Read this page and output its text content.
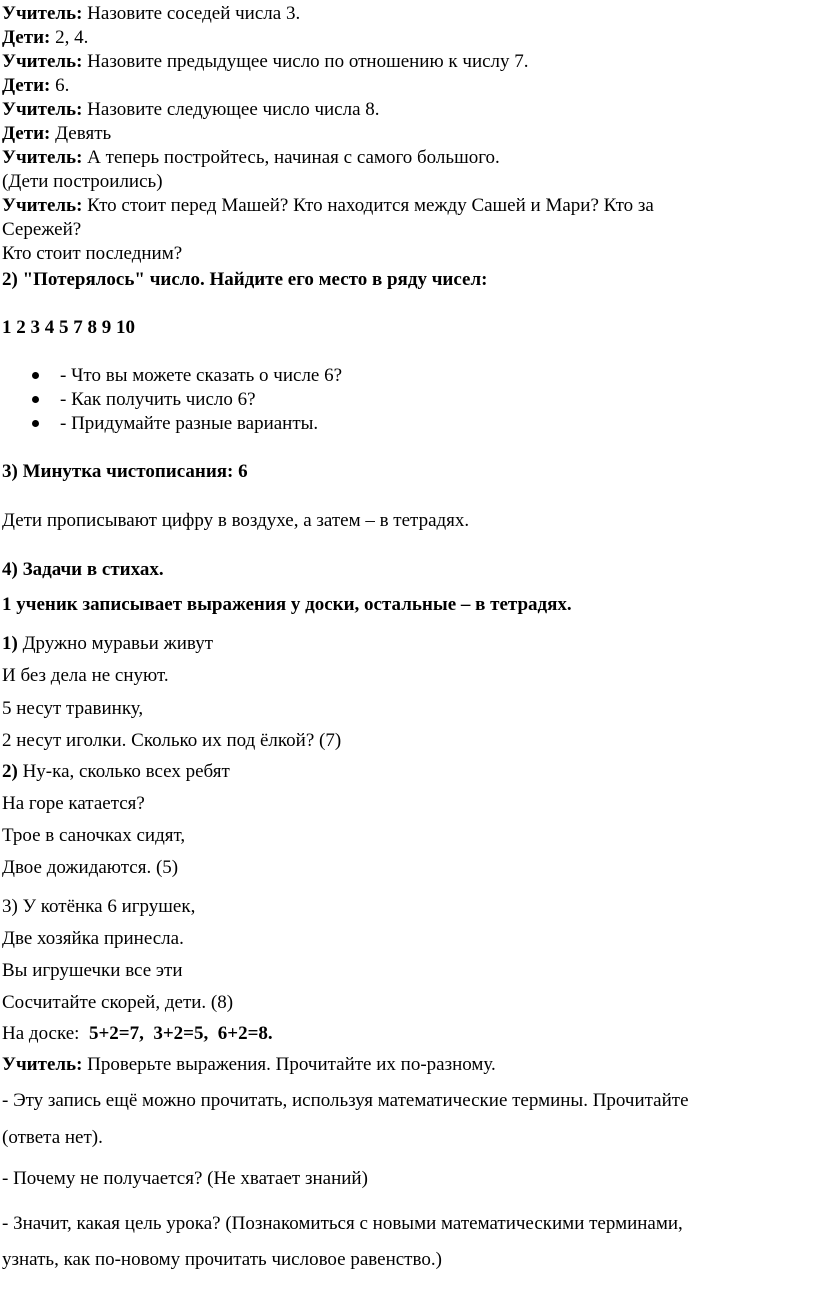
Учитель: Назовите соседей числа 3.
Дети: 2, 4.
Учитель: Назовите предыдущее число по отношению к числу 7.
Дети: 6.
Учитель: Назовите следующее число числа 8.
Дети: Девять
Учитель: А теперь постройтесь, начиная с самого большого.
(Дети построились)
Учитель: Кто стоит перед Машей? Кто находится между Сашей и Мари? Кто за
Сережей?
Кто стоит последним?
2) "Потерялось" число. Найдите его место в ряду чисел:
1 2 3 4 5 7 8 9 10
- Что вы можете сказать о числе 6?
- Как получить число 6?
- Придумайте разные варианты.
3) Минутка чистописания: 6
Дети прописывают цифру в воздухе, а затем – в тетрадях.
4) Задачи в стихах.
1 ученик записывает выражения у доски, остальные – в тетрадях.
1) Дружно муравьи живут
И без дела не снуют.
5 несут травинку,
2 несут иголки. Сколько их под ёлкой? (7)
2) Ну-ка, сколько всех ребят
На горе катается?
Трое в саночках сидят,
Двое дожидаются. (5)
3) У котёнка 6 игрушек,
Две хозяйка принесла.
Вы игрушечки все эти
Сосчитайте скорей, дети. (8)
На доске:  5+2=7,  3+2=5,  6+2=8.
Учитель: Проверьте выражения. Прочитайте их по-разному.
- Эту запись ещё можно прочитать, используя математические термины. Прочитайте
(ответа нет).
- Почему не получается? (Не хватает знаний)
- Значит, какая цель урока? (Познакомиться с новыми математическими терминами,
узнать, как по-новому прочитать числовое равенство.)
